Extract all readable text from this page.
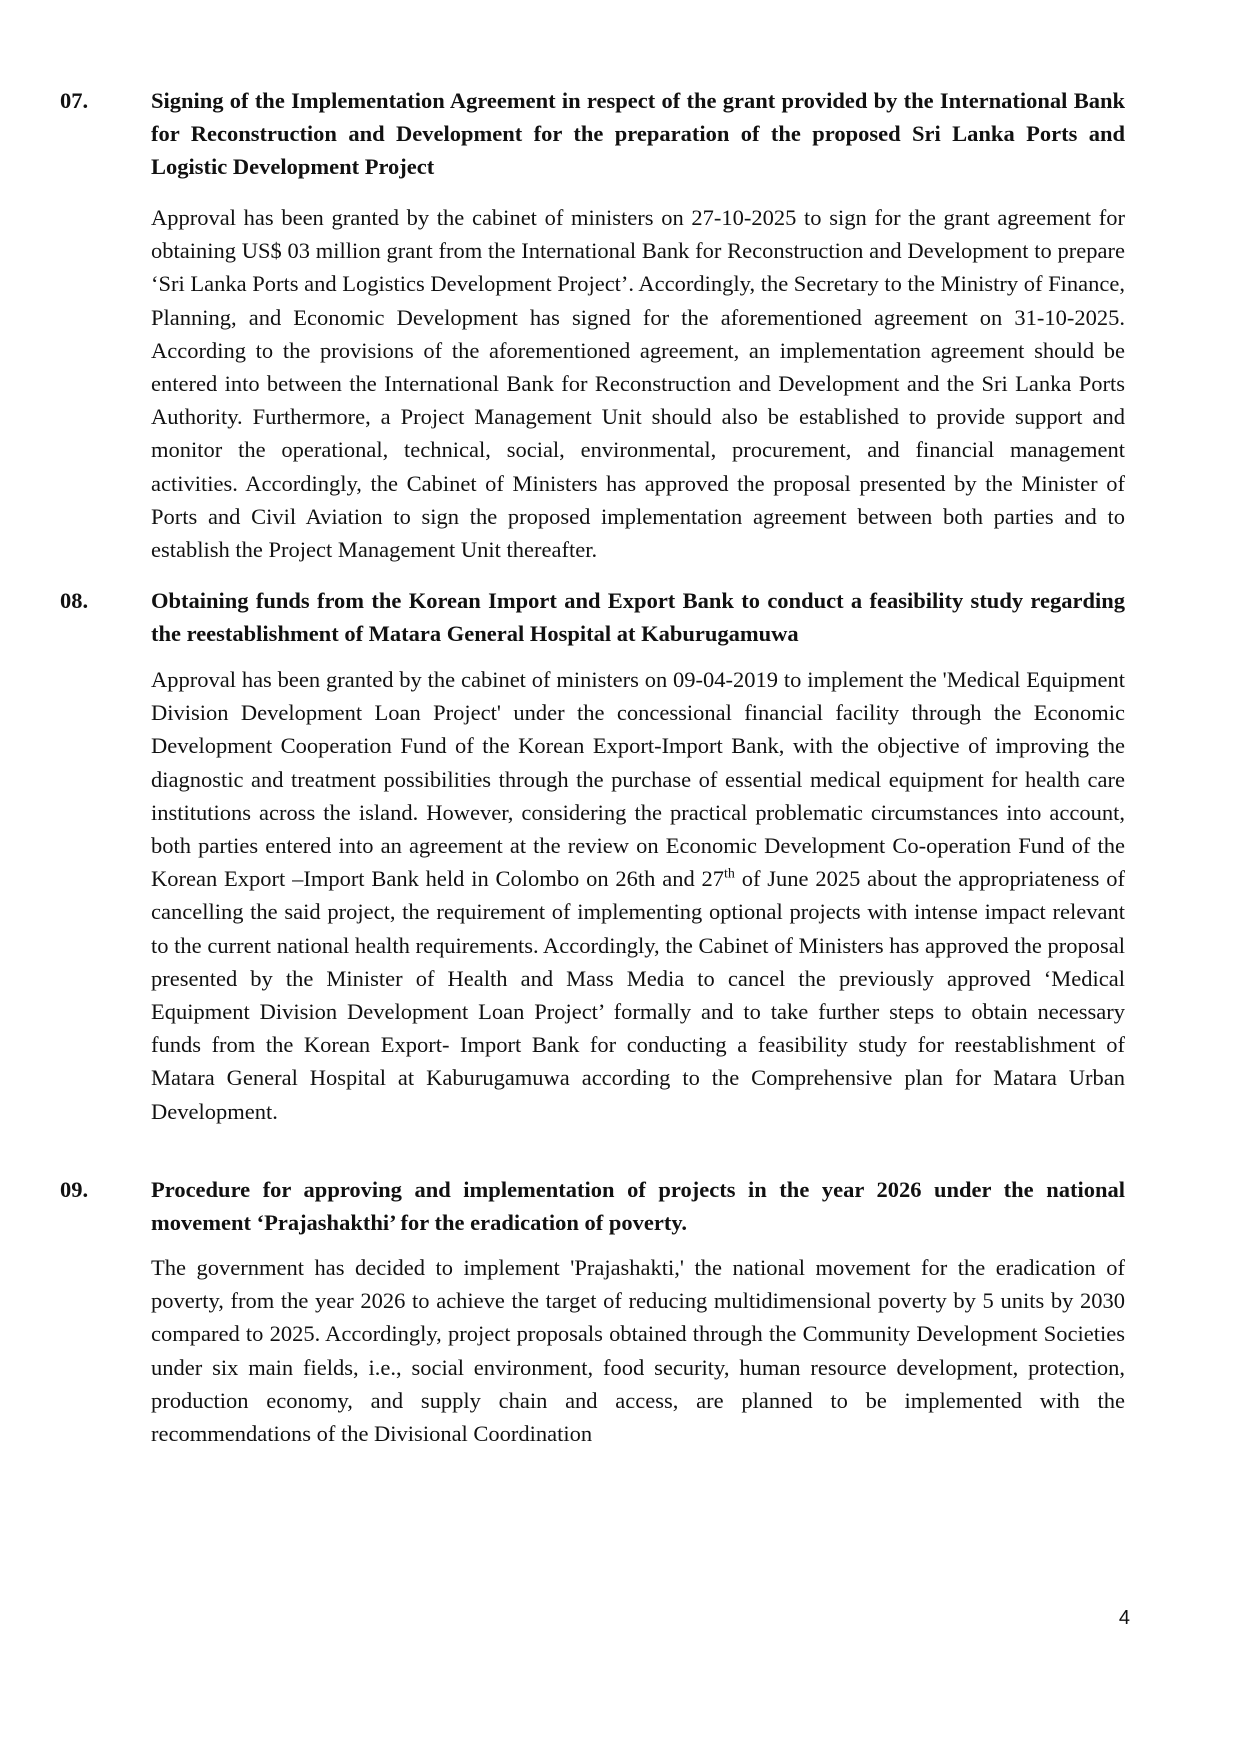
07.	Signing of the Implementation Agreement in respect of the grant provided by the International Bank for Reconstruction and Development for the preparation of the proposed Sri Lanka Ports and Logistic Development Project
Approval has been granted by the cabinet of ministers on 27-10-2025 to sign for the grant agreement for obtaining US$ 03 million grant from the International Bank for Reconstruction and Development to prepare ‘Sri Lanka Ports and Logistics Development Project’. Accordingly, the Secretary to the Ministry of Finance, Planning, and Economic Development has signed for the aforementioned agreement on 31-10-2025. According to the provisions of the aforementioned agreement, an implementation agreement should be entered into between the International Bank for Reconstruction and Development and the Sri Lanka Ports Authority. Furthermore, a Project Management Unit should also be established to provide support and monitor the operational, technical, social, environmental, procurement, and financial management activities. Accordingly, the Cabinet of Ministers has approved the proposal presented by the Minister of Ports and Civil Aviation to sign the proposed implementation agreement between both parties and to establish the Project Management Unit thereafter.
08.	Obtaining funds from the Korean Import and Export Bank to conduct a feasibility study regarding the reestablishment of Matara General Hospital at Kaburugamuwa
Approval has been granted by the cabinet of ministers on 09-04-2019 to implement the 'Medical Equipment Division Development Loan Project' under the concessional financial facility through the Economic Development Cooperation Fund of the Korean Export-Import Bank, with the objective of improving the diagnostic and treatment possibilities through the purchase of essential medical equipment for health care institutions across the island. However, considering the practical problematic circumstances into account, both parties entered into an agreement at the review on Economic Development Co-operation Fund of the Korean Export –Import Bank held in Colombo on 26th and 27th of June 2025 about the appropriateness of cancelling the said project, the requirement of implementing optional projects with intense impact relevant to the current national health requirements. Accordingly, the Cabinet of Ministers has approved the proposal presented by the Minister of Health and Mass Media to cancel the previously approved ‘Medical Equipment Division Development Loan Project’ formally and to take further steps to obtain necessary funds from the Korean Export- Import Bank for conducting a feasibility study for reestablishment of Matara General Hospital at Kaburugamuwa according to the Comprehensive plan for Matara Urban Development.
09.	Procedure for approving and implementation of projects in the year 2026 under the national movement ‘Prajashakthi’ for the eradication of poverty.
The government has decided to implement 'Prajashakti,' the national movement for the eradication of poverty, from the year 2026 to achieve the target of reducing multidimensional poverty by 5 units by 2030 compared to 2025. Accordingly, project proposals obtained through the Community Development Societies under six main fields, i.e., social environment, food security, human resource development, protection, production economy, and supply chain and access, are planned to be implemented with the recommendations of the Divisional Coordination
4
